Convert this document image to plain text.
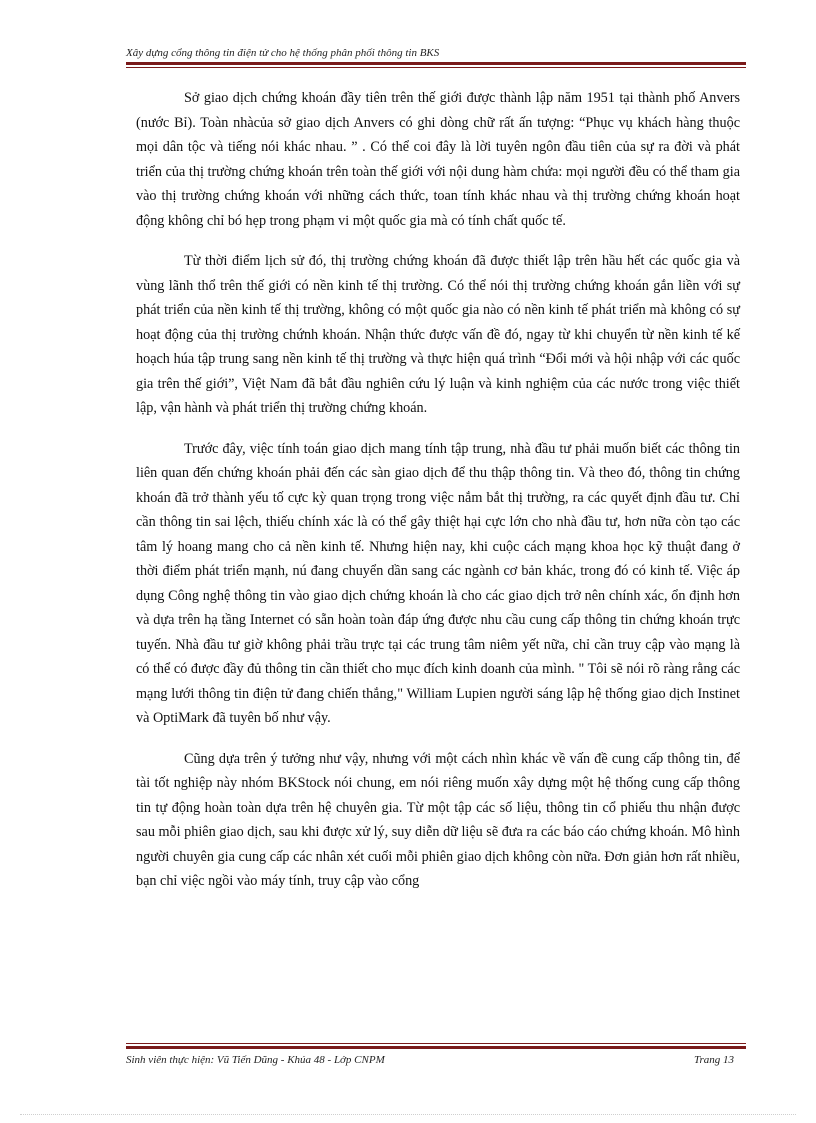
Xây dựng cổng thông tin điện tử cho hệ thống phân phối thông tin BKS

Sở giao dịch chứng khoán đầy tiên trên thế giới được thành lập năm 1951 tại thành phố Anvers (nước Bỉ). Toàn nhàcủa sở giao dịch Anvers có ghi dòng chữ rất ấn tượng: “Phục vụ khách hàng thuộc mọi dân tộc và tiếng nói khác nhau. ” . Có thể coi đây là lời tuyên ngôn đầu tiên của sự ra đời và phát triển của thị trường chứng khoán trên toàn thế giới với nội dung hàm chứa: mọi người đều có thể tham gia vào thị trường chứng khoán với những cách thức, toan tính khác nhau và thị trường chứng khoán hoạt động không chỉ bó hẹp trong phạm vi một quốc gia mà có tính chất quốc tế.

Từ thời điểm lịch sử đó, thị trường chứng khoán đã được thiết lập trên hầu hết các quốc gia và vùng lãnh thổ trên thế giới có nền kinh tế thị trường. Có thể nói thị trường chứng khoán gắn liền với sự phát triển của nền kinh tế thị trường, không có một quốc gia nào có nền kinh tế phát triển mà không có sự hoạt động của thị trường chứnh khoán. Nhận thức được vấn đề đó, ngay từ khi chuyển từ nền kinh tế kế hoạch húa tập trung sang nền kinh tế thị trường và thực hiện quá trình “Đổi mới và hội nhập với các quốc gia trên thế giới”, Việt Nam đã bắt đầu nghiên cứu lý luận và kinh nghiệm của các nước trong việc thiết lập, vận hành và phát triển thị trường chứng khoán.

Trước đây, việc tính toán giao dịch mang tính tập trung, nhà đầu tư phải muốn biết các thông tin liên quan đến chứng khoán phải đến các sàn giao dịch để thu thập thông tin. Và theo đó, thông tin chứng khoán đã trở thành yếu tố cực kỳ quan trọng trong việc nắm bắt thị trường, ra các quyết định đầu tư. Chỉ cần thông tin sai lệch, thiếu chính xác là có thể gây thiệt hại cực lớn cho nhà đầu tư, hơn nữa còn tạo các tâm lý hoang mang cho cả nền kinh tế. Nhưng hiện nay, khi cuộc cách mạng khoa học kỹ thuật đang ở thời điểm phát triển mạnh, nú đang chuyển dần sang các ngành cơ bản khác, trong đó có kinh tế. Việc áp dụng Công nghệ thông tin vào giao dịch chứng khoán là cho các giao dịch trở nên chính xác, ổn định hơn và dựa trên hạ tầng Internet có sẵn hoàn toàn đáp ứng được nhu cầu cung cấp thông tin chứng khoán trực tuyến. Nhà đầu tư giờ không phải trầu trực tại các trung tâm niêm yết nữa, chỉ cần truy cập vào mạng là có thể có được đầy đủ thông tin cần thiết cho mục đích kinh doanh của mình. " Tôi sẽ nói rõ ràng rằng các mạng lưới thông tin điện tử đang chiến thắng," William Lupien người sáng lập hệ thống giao dịch Instinet và OptiMark đã tuyên bố như vậy.

Cũng dựa trên ý tưởng như vậy, nhưng với một cách nhìn khác về vấn đề cung cấp thông tin, để tài tốt nghiệp này nhóm BKStock nói chung, em nói riêng muốn xây dựng một hệ thống cung cấp thông tin tự động hoàn toàn dựa trên hệ chuyên gia. Từ một tập các số liệu, thông tin cổ phiếu thu nhận được sau mỗi phiên giao dịch, sau khi được xử lý, suy diễn dữ liệu sẽ đưa ra các báo cáo chứng khoán. Mô hình người chuyên gia cung cấp các nhân xét cuối mỗi phiên giao dịch không còn nữa. Đơn giản hơn rất nhiều, bạn chỉ việc ngồi vào máy tính, truy cập vào cổng

Sinh viên thực hiện: Vũ Tiến Dũng - Khúa 48 - Lớp CNPM	Trang 13
